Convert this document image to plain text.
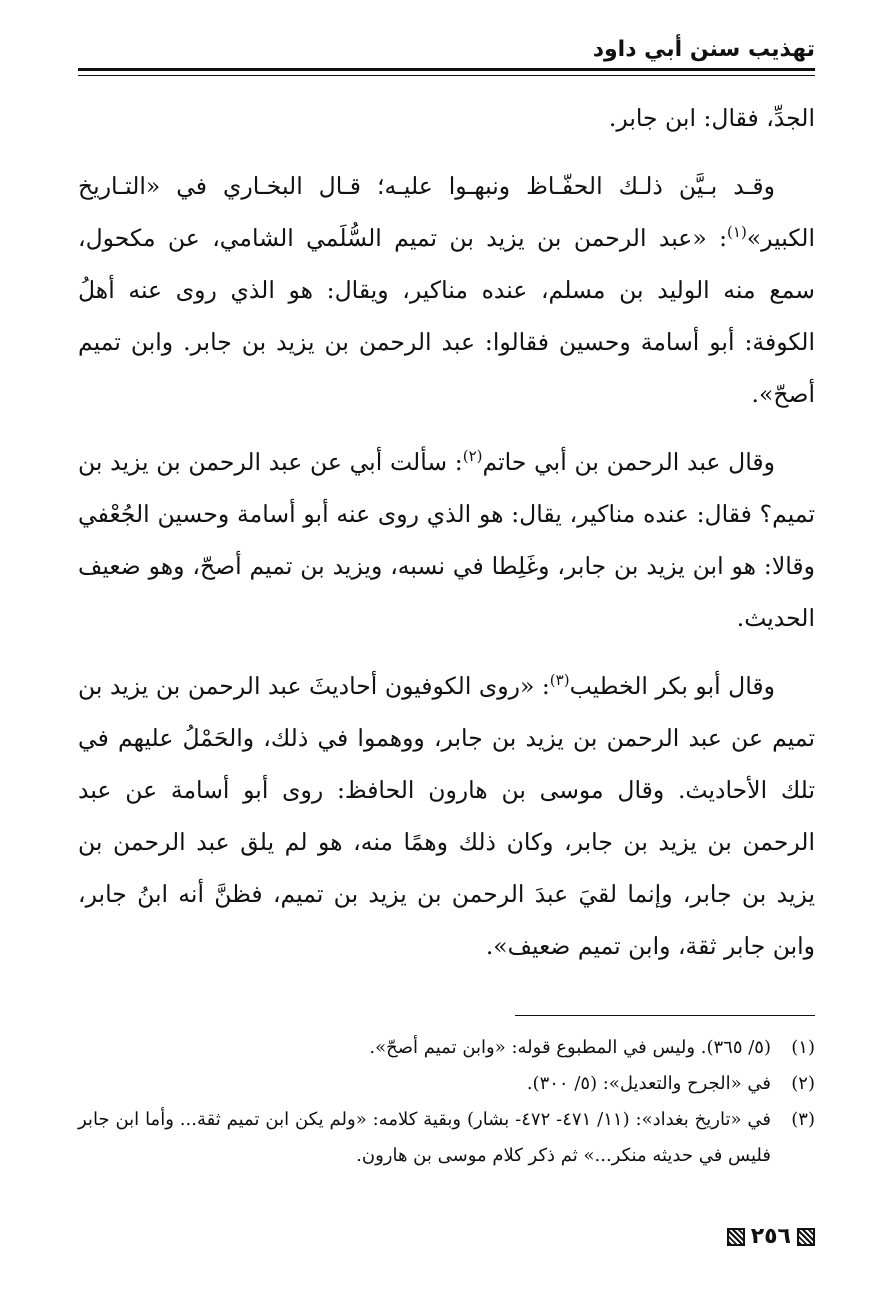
تهذيب سنن أبي داود

الجدِّ، فقال: ابن جابر.

وقـد بـيَّن ذلـك الحفّـاظ ونبهـوا عليـه؛ قـال البخـاري في «التـاريخ الكبير»$^{(١)}$: «عبد الرحمن بن يزيد بن تميم السُّلَمي الشامي، عن مكحول، سمع منه الوليد بن مسلم، عنده مناكير، ويقال: هو الذي روى عنه أهلُ الكوفة: أبو أسامة وحسين فقالوا: عبد الرحمن بن يزيد بن جابر. وابن تميم أصحّ».

وقال عبد الرحمن بن أبي حاتم$^{(٢)}$: سألت أبي عن عبد الرحمن بن يزيد بن تميم؟ فقال: عنده مناكير، يقال: هو الذي روى عنه أبو أسامة وحسين الجُعْفي وقالا: هو ابن يزيد بن جابر، وغَلِطا في نسبه، ويزيد بن تميم أصحّ، وهو ضعيف الحديث.

وقال أبو بكر الخطيب$^{(٣)}$: «روى الكوفيون أحاديثَ عبد الرحمن بن يزيد بن تميم عن عبد الرحمن بن يزيد بن جابر، ووهموا في ذلك، والحَمْلُ عليهم في تلك الأحاديث. وقال موسى بن هارون الحافظ: روى أبو أسامة عن عبد الرحمن بن يزيد بن جابر، وكان ذلك وهمًا منه، هو لم يلق عبد الرحمن بن يزيد بن جابر، وإنما لقيَ عبدَ الرحمن بن يزيد بن تميم، فظنَّ أنه ابنُ جابر، وابن جابر ثقة، وابن تميم ضعيف».

(١)
(٥/ ٣٦٥). وليس في المطبوع قوله: «وابن تميم أصحّ».
(٢)
في «الجرح والتعديل»: (٥/ ٣٠٠).
(٣)
في «تاريخ بغداد»: (١١/ ٤٧١- ٤٧٢- بشار) وبقية كلامه: «ولم يكن ابن تميم ثقة... وأما ابن جابر فليس في حديثه منكر...» ثم ذكر كلام موسى بن هارون.
٢٥٦
